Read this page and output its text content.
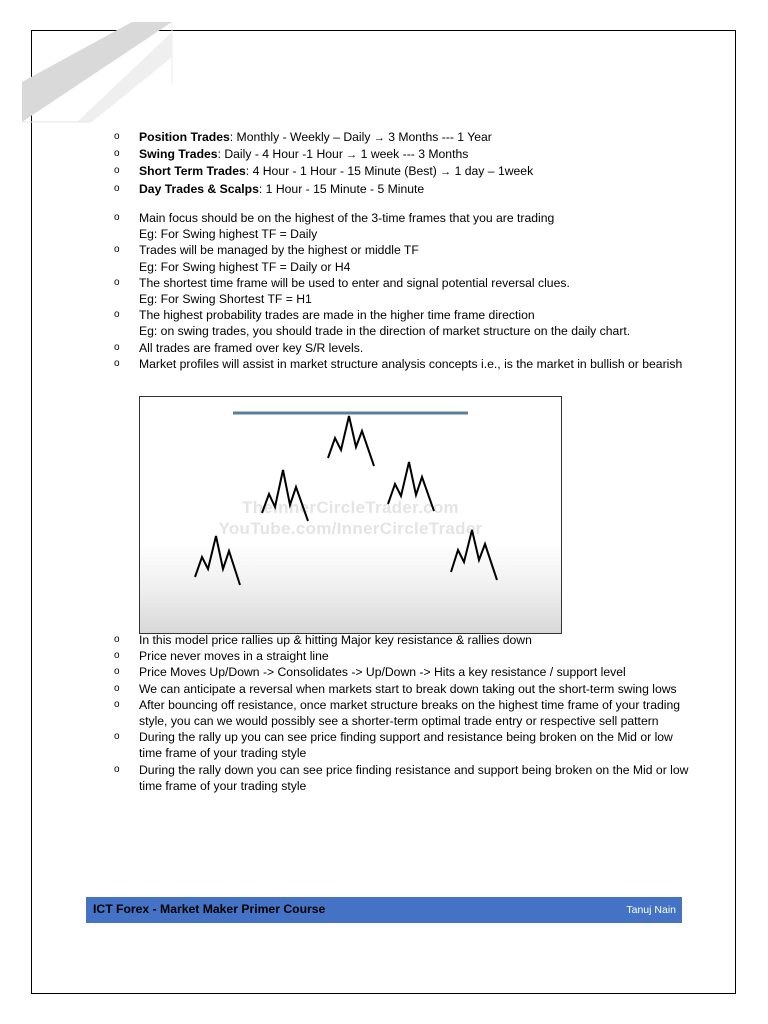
o Position Trades: Monthly - Weekly – Daily → 3 Months --- 1 Year
o Swing Trades: Daily - 4 Hour -1 Hour → 1 week --- 3 Months
o Short Term Trades: 4 Hour - 1 Hour - 15 Minute (Best) → 1 day – 1week
o Day Trades & Scalps: 1 Hour - 15 Minute - 5 Minute
o Main focus should be on the highest of the 3-time frames that you are trading
Eg: For Swing highest TF = Daily
o Trades will be managed by the highest or middle TF
Eg: For Swing highest TF = Daily or H4
o The shortest time frame will be used to enter and signal potential reversal clues.
Eg: For Swing Shortest TF = H1
o The highest probability trades are made in the higher time frame direction
Eg: on swing trades, you should trade in the direction of market structure on the daily chart.
o All trades are framed over key S/R levels.
o Market profiles will assist in market structure analysis concepts i.e., is the market in bullish or bearish
TheInnerCircleTrader.com
YouTube.com/InnerCircleTrader
o In this model price rallies up & hitting Major key resistance & rallies down
o Price never moves in a straight line
o Price Moves Up/Down -> Consolidates -> Up/Down -> Hits a key resistance / support level
o We can anticipate a reversal when markets start to break down taking out the short-term swing lows
o After bouncing off resistance, once market structure breaks on the highest time frame of your trading style, you can we would possibly see a shorter-term optimal trade entry or respective sell pattern
o During the rally up you can see price finding support and resistance being broken on the Mid or low time frame of your trading style
o During the rally down you can see price finding resistance and support being broken on the Mid or low time frame of your trading style
ICT Forex - Market Maker Primer Course	Tanuj Nain
